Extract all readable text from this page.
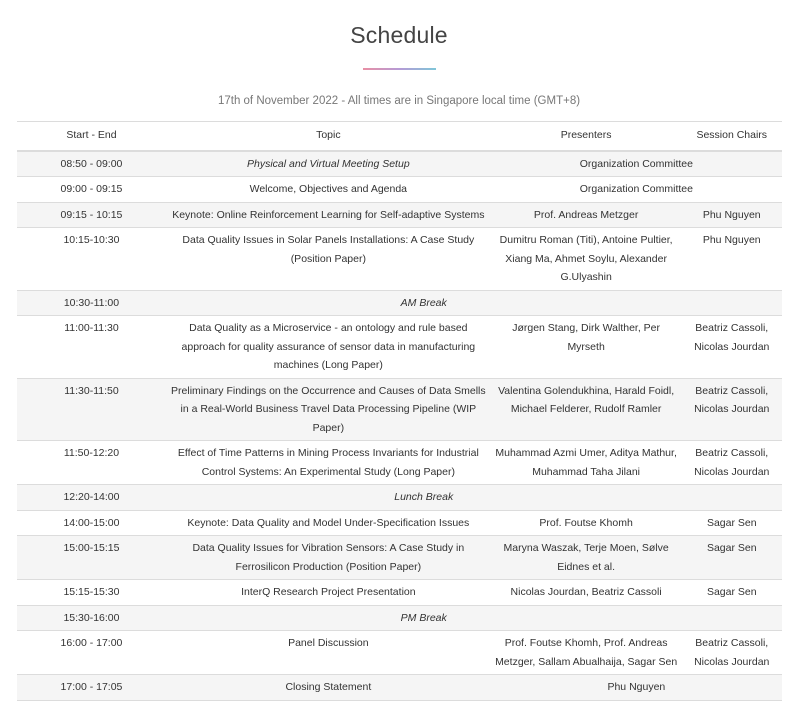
Schedule
17th of November 2022 - All times are in Singapore local time (GMT+8)
Start - End	Topic	Presenters	Session Chairs
08:50 - 09:00	Physical and Virtual Meeting Setup	Organization Committee	
09:00 - 09:15	Welcome, Objectives and Agenda	Organization Committee	
09:15 - 10:15	Keynote: Online Reinforcement Learning for Self-adaptive Systems	Prof. Andreas Metzger	Phu Nguyen
10:15-10:30	Data Quality Issues in Solar Panels Installations: A Case Study (Position Paper)	Dumitru Roman (Titi), Antoine Pultier, Xiang Ma, Ahmet Soylu, Alexander G.Ulyashin	Phu Nguyen
10:30-11:00	AM Break		
11:00-11:30	Data Quality as a Microservice - an ontology and rule based approach for quality assurance of sensor data in manufacturing machines (Long Paper)	Jørgen Stang, Dirk Walther, Per Myrseth	Beatriz Cassoli, Nicolas Jourdan
11:30-11:50	Preliminary Findings on the Occurrence and Causes of Data Smells in a Real-World Business Travel Data Processing Pipeline (WIP Paper)	Valentina Golendukhina, Harald Foidl, Michael Felderer, Rudolf Ramler	Beatriz Cassoli, Nicolas Jourdan
11:50-12:20	Effect of Time Patterns in Mining Process Invariants for Industrial Control Systems: An Experimental Study (Long Paper)	Muhammad Azmi Umer, Aditya Mathur, Muhammad Taha Jilani	Beatriz Cassoli, Nicolas Jourdan
12:20-14:00	Lunch Break		
14:00-15:00	Keynote: Data Quality and Model Under-Specification Issues	Prof. Foutse Khomh	Sagar Sen
15:00-15:15	Data Quality Issues for Vibration Sensors: A Case Study in Ferrosilicon Production (Position Paper)	Maryna Waszak, Terje Moen, Sølve Eidnes et al.	Sagar Sen
15:15-15:30	InterQ Research Project Presentation	Nicolas Jourdan, Beatriz Cassoli	Sagar Sen
15:30-16:00	PM Break		
16:00 - 17:00	Panel Discussion	Prof. Foutse Khomh, Prof. Andreas Metzger, Sallam Abualhaija, Sagar Sen	Beatriz Cassoli, Nicolas Jourdan
17:00 - 17:05	Closing Statement	Phu Nguyen	
